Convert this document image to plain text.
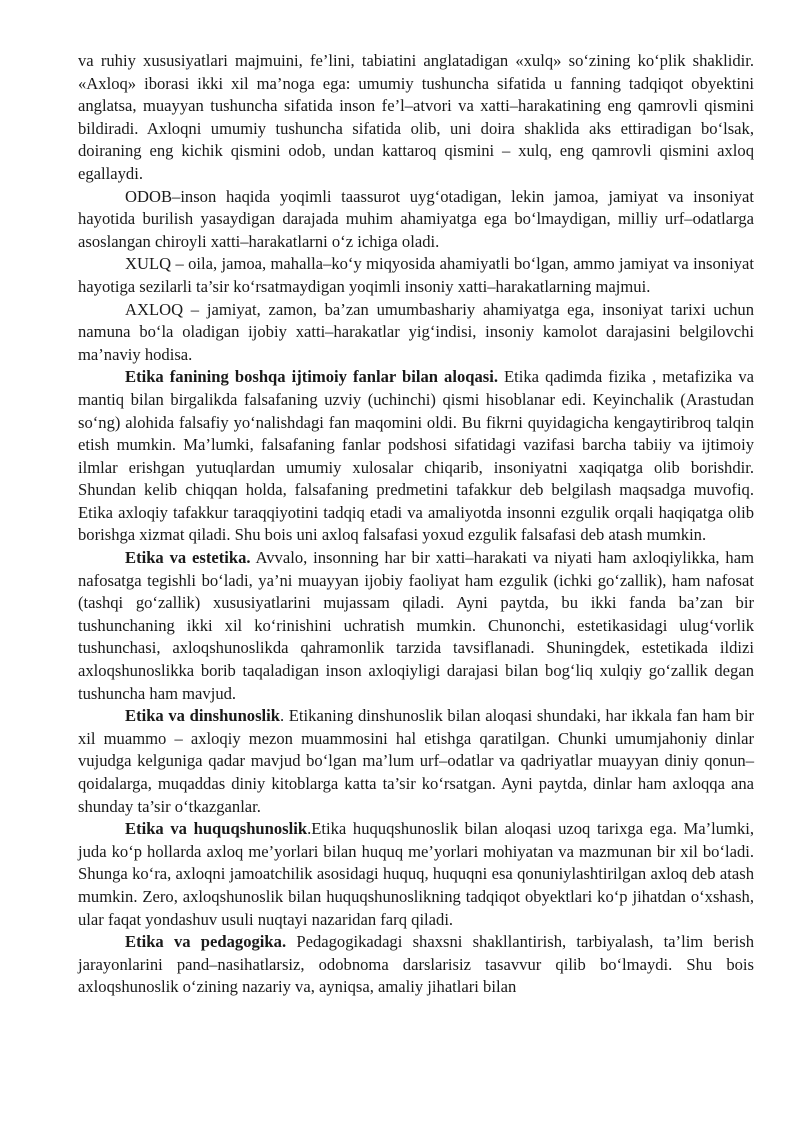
va ruhiy xususiyatlari majmuini, fe’lini, tabiatini anglatadigan «xulq» so‘zining ko‘plik shaklidir. «Axloq» iborasi ikki xil ma’noga ega: umumiy tushuncha sifatida u fanning tadqiqot obyektini anglatsa, muayyan tushuncha sifatida inson fe’l–atvori va xatti–harakatining eng qamrovli qismini bildiradi. Axloqni umumiy tushuncha sifatida olib, uni doira shaklida aks ettiradigan bo‘lsak, doiraning eng kichik qismini odob, undan kattaroq qismini – xulq, eng qamrovli qismini axloq egallaydi.

ODOB–inson haqida yoqimli taassurot uyg‘otadigan, lekin jamoa, jamiyat va insoniyat hayotida burilish yasaydigan darajada muhim ahamiyatga ega bo‘lmaydigan, milliy urf–odatlarga asoslangan chiroyli xatti–harakatlarni o‘z ichiga oladi.

XULQ – oila, jamoa, mahalla–ko‘y miqyosida ahamiyatli bo‘lgan, ammo jamiyat va insoniyat hayotiga sezilarli ta’sir ko‘rsatmaydigan yoqimli insoniy xatti–harakatlarning majmui.

AXLOQ – jamiyat, zamon, ba’zan umumbashariy ahamiyatga ega, insoniyat tarixi uchun namuna bo‘la oladigan ijobiy xatti–harakatlar yig‘indisi, insoniy kamolot darajasini belgilovchi ma’naviy hodisa.

Etika fanining boshqa ijtimoiy fanlar bilan aloqasi. Etika qadimda fizika , metafizika va mantiq bilan birgalikda falsafaning uzviy (uchinchi) qismi hisoblanar edi. Keyinchalik (Arastudan so‘ng) alohida falsafiy yo‘nalishdagi fan maqomini oldi. Bu fikrni quyidagicha kengaytiribroq talqin etish mumkin. Ma’lumki, falsafaning fanlar podshosi sifatidagi vazifasi barcha tabiiy va ijtimoiy ilmlar erishgan yutuqlardan umumiy xulosalar chiqarib, insoniyatni xaqiqatga olib borishdir. Shundan kelib chiqqan holda, falsafaning predmetini tafakkur deb belgilash maqsadga muvofiq. Etika axloqiy tafakkur taraqqiyotini tadqiq etadi va amaliyotda insonni ezgulik orqali haqiqatga olib borishga xizmat qiladi. Shu bois uni axloq falsafasi yoxud ezgulik falsafasi deb atash mumkin.

Etika va estetika. Avvalo, insonning har bir xatti–harakati va niyati ham axloqiylikka, ham nafosatga tegishli bo‘ladi, ya’ni muayyan ijobiy faoliyat ham ezgulik (ichki go‘zallik), ham nafosat (tashqi go‘zallik) xususiyatlarini mujassam qiladi. Ayni paytda, bu ikki fanda ba’zan bir tushunchaning ikki xil ko‘rinishini uchratish mumkin. Chunonchi, estetikasidagi ulug‘vorlik tushunchasi, axloqshunoslikda qahramonlik tarzida tavsiflanadi. Shuningdek, estetikada ildizi axloqshunoslikka borib taqaladigan inson axloqiyligi darajasi bilan bog‘liq xulqiy go‘zallik degan tushuncha ham mavjud.

Etika va dinshunoslik. Etikaning dinshunoslik bilan aloqasi shundaki, har ikkala fan ham bir xil muammo – axloqiy mezon muammosini hal etishga qaratilgan. Chunki umumjahoniy dinlar vujudga kelguniga qadar mavjud bo‘lgan ma’lum urf–odatlar va qadriyatlar muayyan diniy qonun–qoidalarga, muqaddas diniy kitoblarga katta ta’sir ko‘rsatgan. Ayni paytda, dinlar ham axloqqa ana shunday ta’sir o‘tkazganlar.

Etika va huquqshunoslik.Etika huquqshunoslik bilan aloqasi uzoq tarixga ega. Ma’lumki, juda ko‘p hollarda axloq me’yorlari bilan huquq me’yorlari mohiyatan va mazmunan bir xil bo‘ladi. Shunga ko‘ra, axloqni jamoatchilik asosidagi huquq, huquqni esa qonuniylashtirilgan axloq deb atash mumkin. Zero, axloqshunoslik bilan huquqshunoslikning tadqiqot obyektlari ko‘p jihatdan o‘xshash, ular faqat yondashuv usuli nuqtayi nazaridan farq qiladi.

Etika va pedagogika. Pedagogikadagi shaxsni shakllantirish, tarbiyalash, ta’lim berish jarayonlarini pand–nasihatlarsiz, odobnoma darslarisiz tasavvur qilib bo‘lmaydi. Shu bois axloqshunoslik o‘zining nazariy va, ayniqsa, amaliy jihatlari bilan
